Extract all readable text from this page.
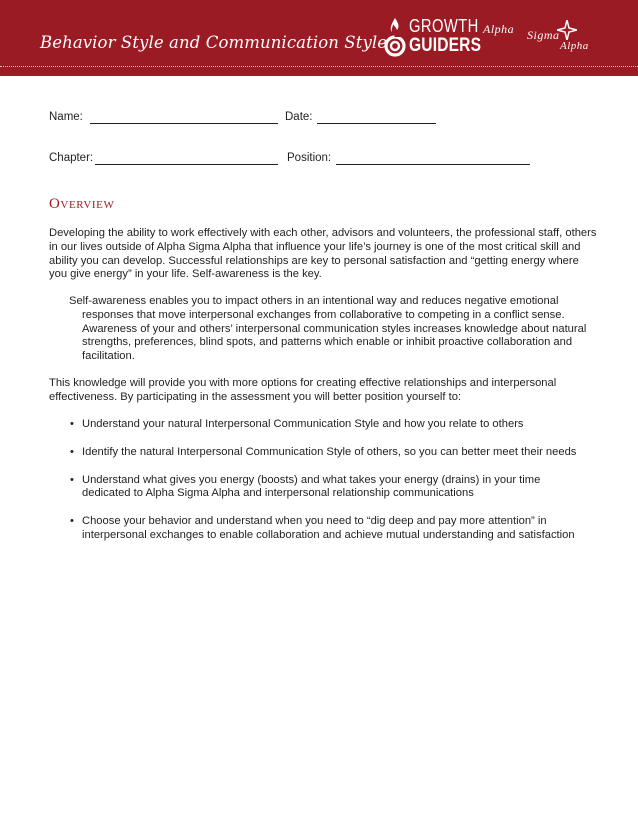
Behavior Style and Communication Style
GROWTH
GUIDERS
Alpha Sigma
Alpha
Name:	Date:
Chapter:	Position:
Overview

Developing the ability to work effectively with each other, advisors and volunteers, the professional staff, others in our lives outside of Alpha Sigma Alpha that influence your life’s journey is one of the most critical skill and ability you can develop. Successful relationships are key to personal satisfaction and “getting energy where you give energy” in your life. Self-awareness is the key.

Self-awareness enables you to impact others in an intentional way and reduces negative emotional responses that move interpersonal exchanges from collaborative to competing in a conflict sense. Awareness of your and others’ interpersonal communication styles increases knowledge about natural strengths, preferences, blind spots, and patterns which enable or inhibit proactive collaboration and facilitation.

This knowledge will provide you with more options for creating effective relationships and interpersonal effectiveness. By participating in the assessment you will better position yourself to:

• Understand your natural Interpersonal Communication Style and how you relate to others
• Identify the natural Interpersonal Communication Style of others, so you can better meet their needs
• Understand what gives you energy (boosts) and what takes your energy (drains) in your time dedicated to Alpha Sigma Alpha and interpersonal relationship communications
• Choose your behavior and understand when you need to “dig deep and pay more attention” in interpersonal exchanges to enable collaboration and achieve mutual understanding and satisfaction
